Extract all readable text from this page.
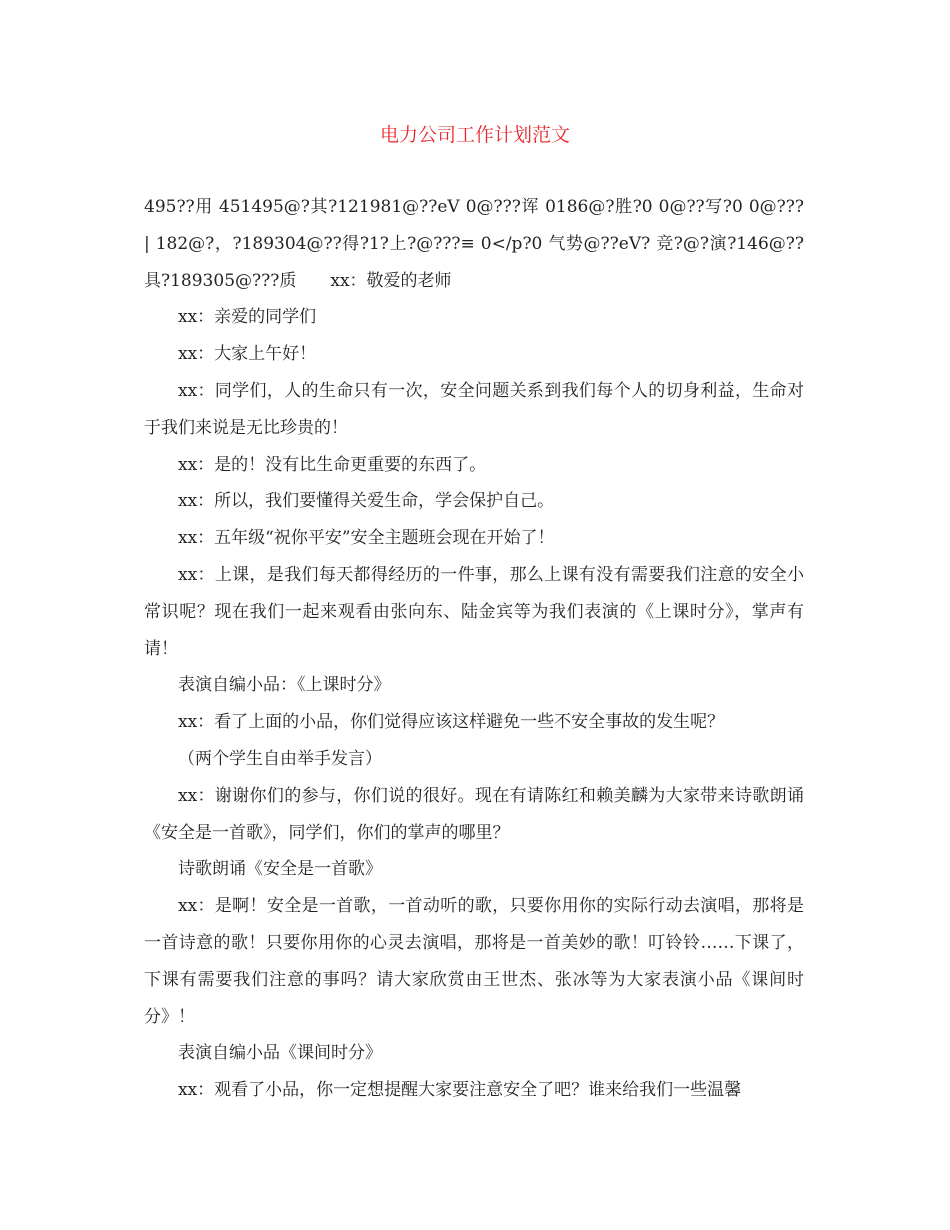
电力公司工作计划范文

495??用 451495@?其?121981@??eV 0@???诨 0186@?胜?0 0@??写?0 0@??? | 182@?，?189304@??得?1?上?@???≡ 0</p?0 气势@??eV? 竞?@?演?146@??具?189305@???质 xx：敬爱的老师

xx：亲爱的同学们

xx：大家上午好！

xx：同学们，人的生命只有一次，安全问题关系到我们每个人的切身利益，生命对于我们来说是无比珍贵的！

xx：是的！没有比生命更重要的东西了。

xx：所以，我们要懂得关爱生命，学会保护自己。

xx：五年级“祝你平安”安全主题班会现在开始了！

xx：上课，是我们每天都得经历的一件事，那么上课有没有需要我们注意的安全小常识呢？现在我们一起来观看由张向东、陆金宾等为我们表演的《上课时分》，掌声有请！

表演自编小品：《上课时分》

xx：看了上面的小品，你们觉得应该这样避免一些不安全事故的发生呢？

（两个学生自由举手发言）

xx：谢谢你们的参与，你们说的很好。现在有请陈红和赖美麟为大家带来诗歌朗诵《安全是一首歌》，同学们，你们的掌声的哪里？

诗歌朗诵《安全是一首歌》

xx：是啊！安全是一首歌，一首动听的歌，只要你用你的实际行动去演唱，那将是一首诗意的歌！只要你用你的心灵去演唱，那将是一首美妙的歌！叮铃铃……下课了，下课有需要我们注意的事吗？请大家欣赏由王世杰、张冰等为大家表演小品《课间时分》！

表演自编小品《课间时分》

xx：观看了小品，你一定想提醒大家要注意安全了吧？谁来给我们一些温馨
